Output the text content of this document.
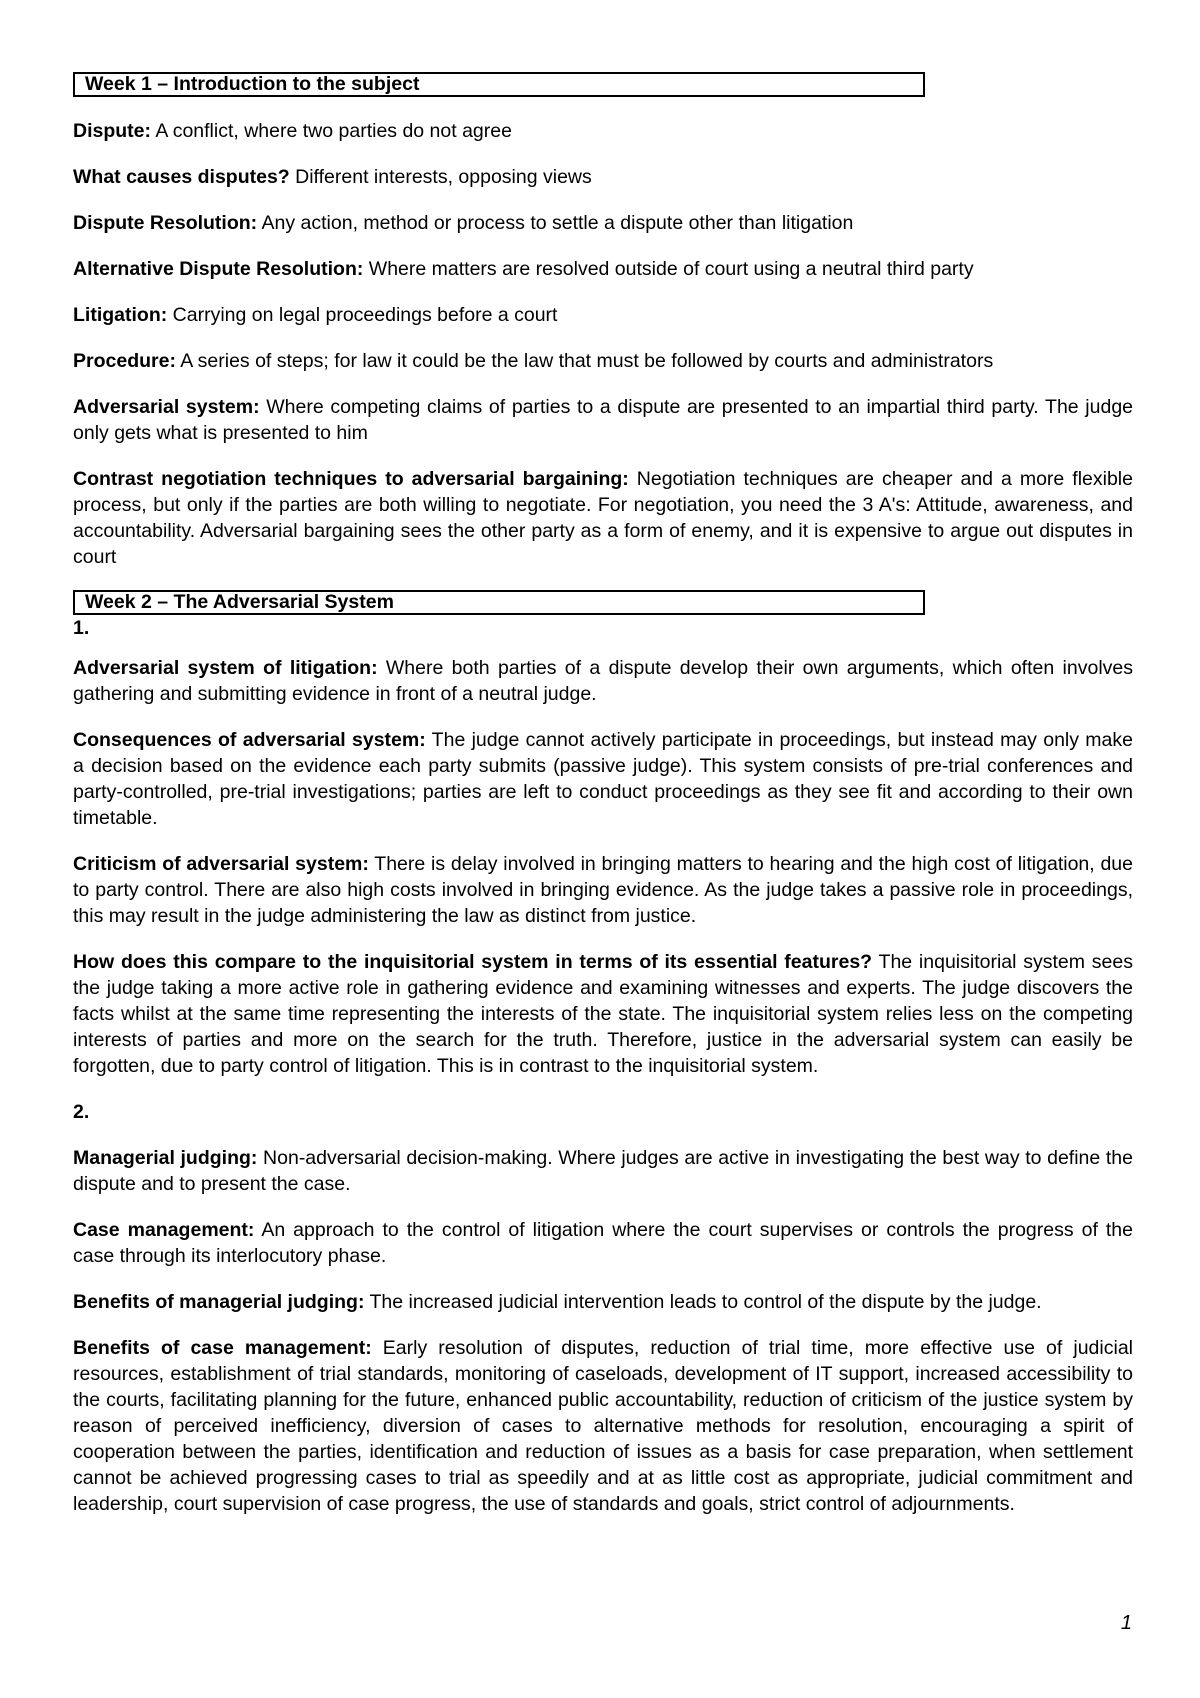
Week 1 – Introduction to the subject

Dispute: A conflict, where two parties do not agree

What causes disputes? Different interests, opposing views

Dispute Resolution: Any action, method or process to settle a dispute other than litigation

Alternative Dispute Resolution: Where matters are resolved outside of court using a neutral third party

Litigation: Carrying on legal proceedings before a court

Procedure: A series of steps; for law it could be the law that must be followed by courts and administrators

Adversarial system: Where competing claims of parties to a dispute are presented to an impartial third party. The judge only gets what is presented to him

Contrast negotiation techniques to adversarial bargaining: Negotiation techniques are cheaper and a more flexible process, but only if the parties are both willing to negotiate. For negotiation, you need the 3 A's: Attitude, awareness, and accountability. Adversarial bargaining sees the other party as a form of enemy, and it is expensive to argue out disputes in court

Week 2 – The Adversarial System
1.

Adversarial system of litigation: Where both parties of a dispute develop their own arguments, which often involves gathering and submitting evidence in front of a neutral judge.

Consequences of adversarial system: The judge cannot actively participate in proceedings, but instead may only make a decision based on the evidence each party submits (passive judge). This system consists of pre-trial conferences and party-controlled, pre-trial investigations; parties are left to conduct proceedings as they see fit and according to their own timetable.

Criticism of adversarial system: There is delay involved in bringing matters to hearing and the high cost of litigation, due to party control. There are also high costs involved in bringing evidence. As the judge takes a passive role in proceedings, this may result in the judge administering the law as distinct from justice.

How does this compare to the inquisitorial system in terms of its essential features? The inquisitorial system sees the judge taking a more active role in gathering evidence and examining witnesses and experts. The judge discovers the facts whilst at the same time representing the interests of the state. The inquisitorial system relies less on the competing interests of parties and more on the search for the truth. Therefore, justice in the adversarial system can easily be forgotten, due to party control of litigation. This is in contrast to the inquisitorial system.

2.

Managerial judging: Non-adversarial decision-making. Where judges are active in investigating the best way to define the dispute and to present the case.

Case management: An approach to the control of litigation where the court supervises or controls the progress of the case through its interlocutory phase.

Benefits of managerial judging: The increased judicial intervention leads to control of the dispute by the judge.

Benefits of case management: Early resolution of disputes, reduction of trial time, more effective use of judicial resources, establishment of trial standards, monitoring of caseloads, development of IT support, increased accessibility to the courts, facilitating planning for the future, enhanced public accountability, reduction of criticism of the justice system by reason of perceived inefficiency, diversion of cases to alternative methods for resolution, encouraging a spirit of cooperation between the parties, identification and reduction of issues as a basis for case preparation, when settlement cannot be achieved progressing cases to trial as speedily and at as little cost as appropriate, judicial commitment and leadership, court supervision of case progress, the use of standards and goals, strict control of adjournments.

1
